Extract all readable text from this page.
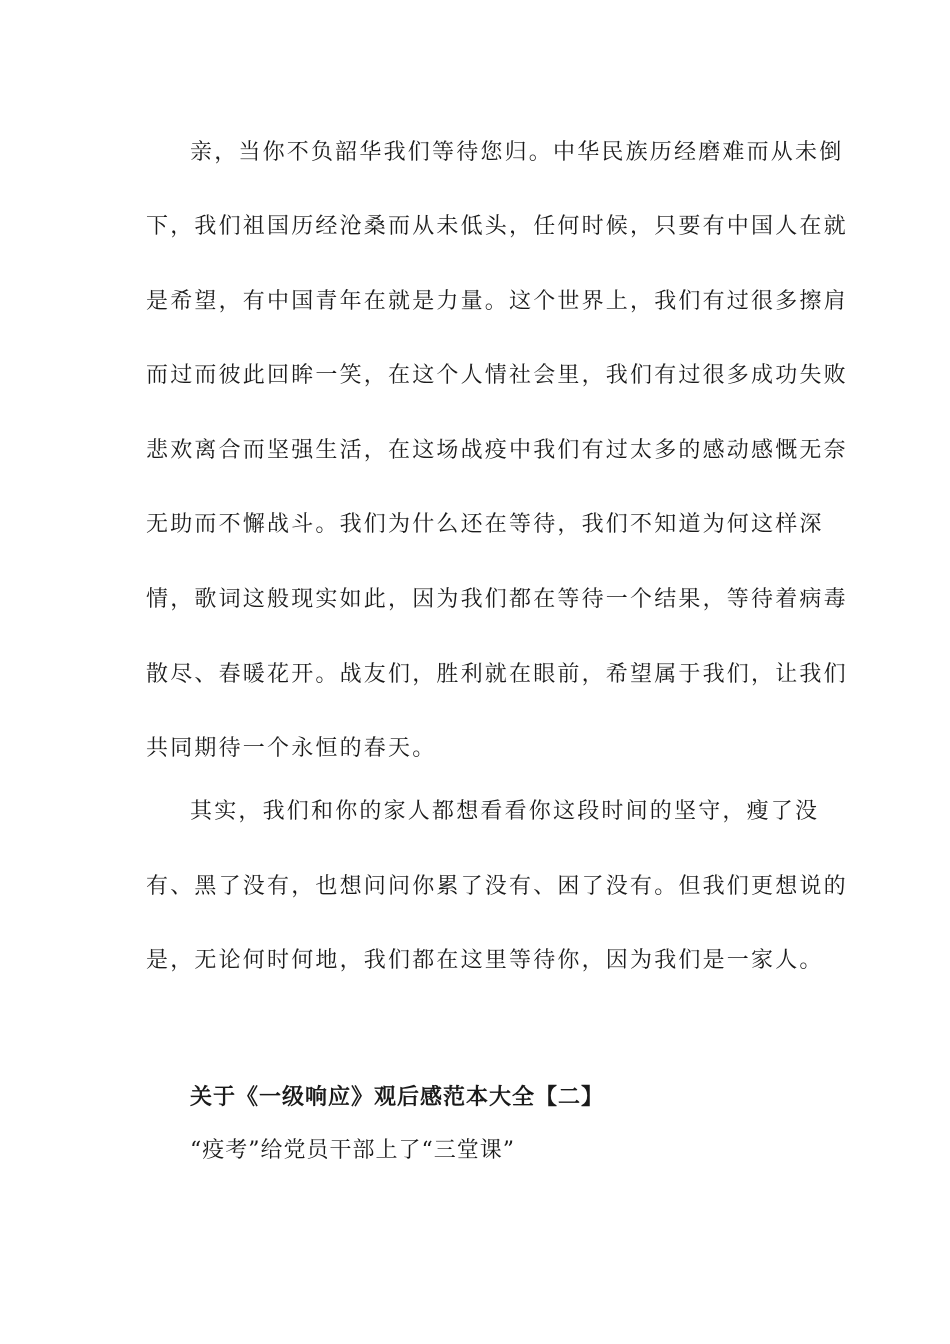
亲，当你不负韶华我们等待您归。中华民族历经磨难而从未倒
下，我们祖国历经沧桑而从未低头，任何时候，只要有中国人在就
是希望，有中国青年在就是力量。这个世界上，我们有过很多擦肩
而过而彼此回眸一笑，在这个人情社会里，我们有过很多成功失败
悲欢离合而坚强生活，在这场战疫中我们有过太多的感动感慨无奈
无助而不懈战斗。我们为什么还在等待，我们不知道为何这样深
情，歌词这般现实如此，因为我们都在等待一个结果，等待着病毒
散尽、春暖花开。战友们，胜利就在眼前，希望属于我们，让我们
共同期待一个永恒的春天。
其实，我们和你的家人都想看看你这段时间的坚守，瘦了没
有、黑了没有，也想问问你累了没有、困了没有。但我们更想说的
是，无论何时何地，我们都在这里等待你，因为我们是一家人。
关于《一级响应》观后感范本大全【二】
“疫考”给党员干部上了“三堂课”
